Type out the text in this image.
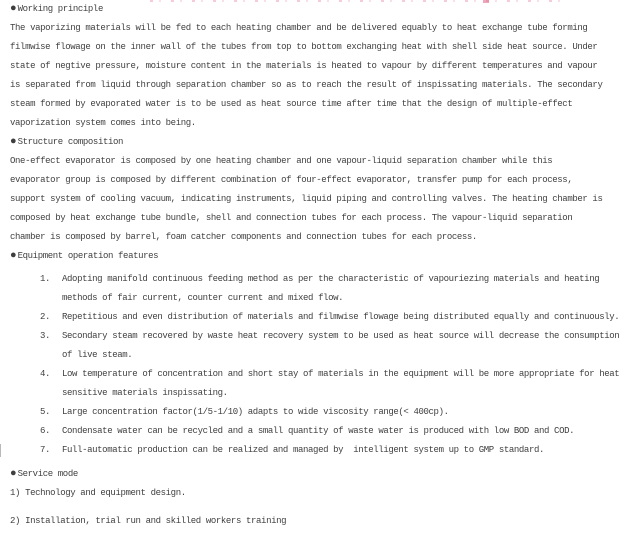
● Working principle

The vaporizing materials will be fed to each heating chamber and be delivered equably to heat exchange tube forming

filmwise flowage on the inner wall of the tubes from top to bottom exchanging heat with shell side heat source. Under

state of negtive pressure, moisture content in the materials is heated to vapour by different temperatures and vapour

is separated from liquid through separation chamber so as to reach the result of inspissating materials. The secondary

steam formed by evaporated water is to be used as heat source time after time that the design of multiple-effect

vaporization system comes into being.

● Structure composition

One-effect evaporator is composed by one heating chamber and one vapour-liquid separation chamber while this

evaporator group is composed by different combination of four-effect evaporator, transfer pump for each process,

support system of cooling vacuum, indicating instruments, liquid piping and controlling valves. The heating chamber is

composed by heat exchange tube bundle, shell and connection tubes for each process. The vapour-liquid separation

chamber is composed by barrel, foam catcher components and connection tubes for each process.

● Equipment operation features
1.	Adopting manifold continuous feeding method as per the characteristic of vapouriezing materials and heating

methods of fair current, counter current and mixed flow.

2.	Repetitious and even distribution of materials and filmwise flowage being distributed equally and continuously.

3.	Secondary steam recovered by waste heat recovery system to be used as heat source will decrease the consumption

of live steam.

4.	Low temperature of concentration and short stay of materials in the equipment will be more appropriate for heat

sensitive materials inspissating.

5.	Large concentration factor(1/5-1/10) adapts to wide viscosity range(< 400cp).

6.	Condensate water can be recycled and a small quantity of waste water is produced with low BOD and COD.

7.	Full-automatic production can be realized and managed by  intelligent system up to GMP standard.

● Service mode

1) Technology and equipment design.

2) Installation, trial run and skilled workers training
